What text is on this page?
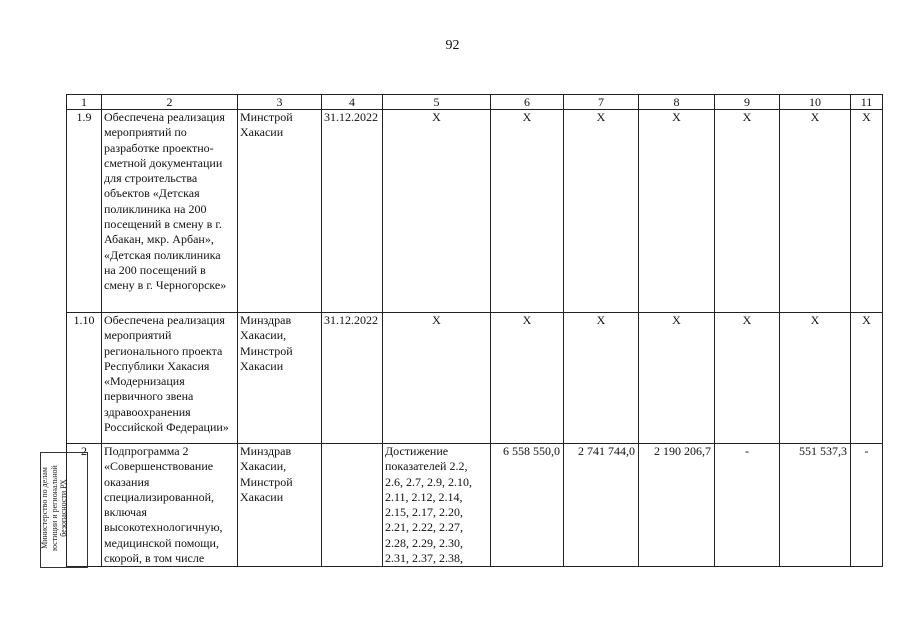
92
1	2	3	4	5	6	7	8	9	10	11
1.9	Обеспечена реализация мероприятий по разработке проектно-сметной документации для строительства объектов «Детская поликлиника на 200 посещений в смену в г. Абакан, мкр. Арбан», «Детская поликлиника на 200 посещений в смену в г. Черногорске»	Минстрой Хакасии	31.12.2022	Х	Х	Х	Х	Х	Х	Х
1.10	Обеспечена реализация мероприятий регионального проекта Республики Хакасия «Модернизация первичного звена здравоохранения Российской Федерации»	Минздрав Хакасии, Минстрой Хакасии	31.12.2022	Х	Х	Х	Х	Х	Х	Х
2	Подпрограмма 2 «Совершенствование оказания специализированной, включая высокотехнологичную, медицинской помощи, скорой, в том числе	Минздрав Хакасии, Минстрой Хакасии		Достижение показателей 2.2, 2.6, 2.7, 2.9, 2.10, 2.11, 2.12, 2.14, 2.15, 2.17, 2.20, 2.21, 2.22, 2.27, 2.28, 2.29, 2.30, 2.31, 2.37, 2.38,	6 558 550,0	2 741 744,0	2 190 206,7	-	551 537,3	-
Министерство по делам юстиции и региональной безопасности РХ
